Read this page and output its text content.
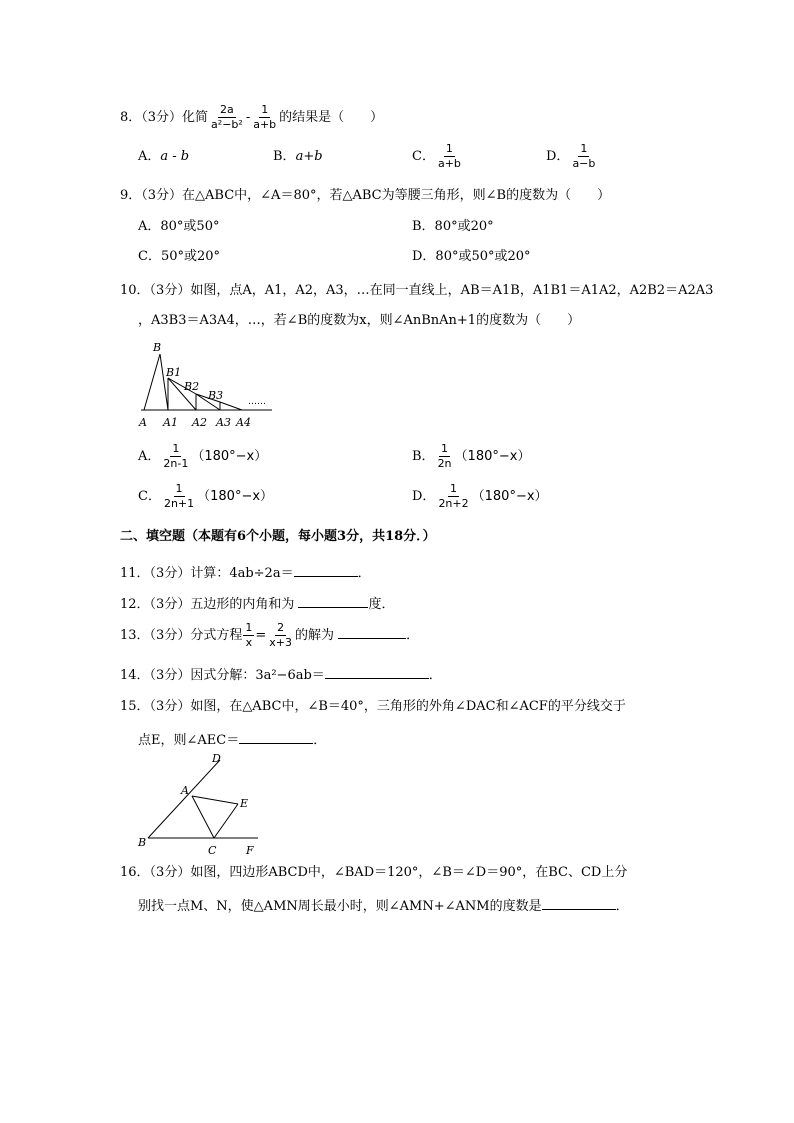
8．（3分）化简 $\frac{2a}{\text{a²−b²}} - \frac{1}{a+b}$ 的结果是（　　）
A．a - b	B．a+b	C． $\frac{1}{a+b}$	D． $\frac{1}{a-b}$
9．（3分）在△ABC中，∠A＝80°，若△ABC为等腰三角形，则∠B的度数为（　　）
A．80°或50°	B．80°或20°
C．50°或20°	D．80°或50°或20°
10．（3分）如图，点A，A1，A2，A3，…在同一直线上，AB＝A1B，A1B1＝A1A2，A2B2＝A2A3
，A3B3＝A3A4，…，若∠B的度数为x，则∠AnBnAn+1的度数为（　　）
B
B1
B2
B3	……
A A1 A2 A3 A4
A． $\frac{1}{2n-1} (180^\circ-x)$	B． $\frac{1}{2n} (180^\circ-x)$
C． $\frac{1}{2n+1} (180^\circ-x)$	D． $\frac{1}{2n+2} (180^\circ-x)$
二、填空题（本题有6个小题，每小题3分，共18分．）
11．（3分）计算：4ab÷2a＝	．
12．（3分）五边形的内角和为	度．
13．（3分）分式方程 $\frac{1}{x} = \frac{2}{x+3}$ 的解为	．
14．（3分）因式分解：3a²−6ab＝	．
15．（3分）如图，在△ABC中，∠B＝40°，三角形的外角∠DAC和∠ACF的平分线交于
点E，则∠AEC＝	．
D
A
E
B
C	F
16．（3分）如图，四边形ABCD中，∠BAD＝120°，∠B＝∠D＝90°，在BC、CD上分
别找一点M、N，使△AMN周长最小时，则∠AMN+∠ANM的度数是	．
